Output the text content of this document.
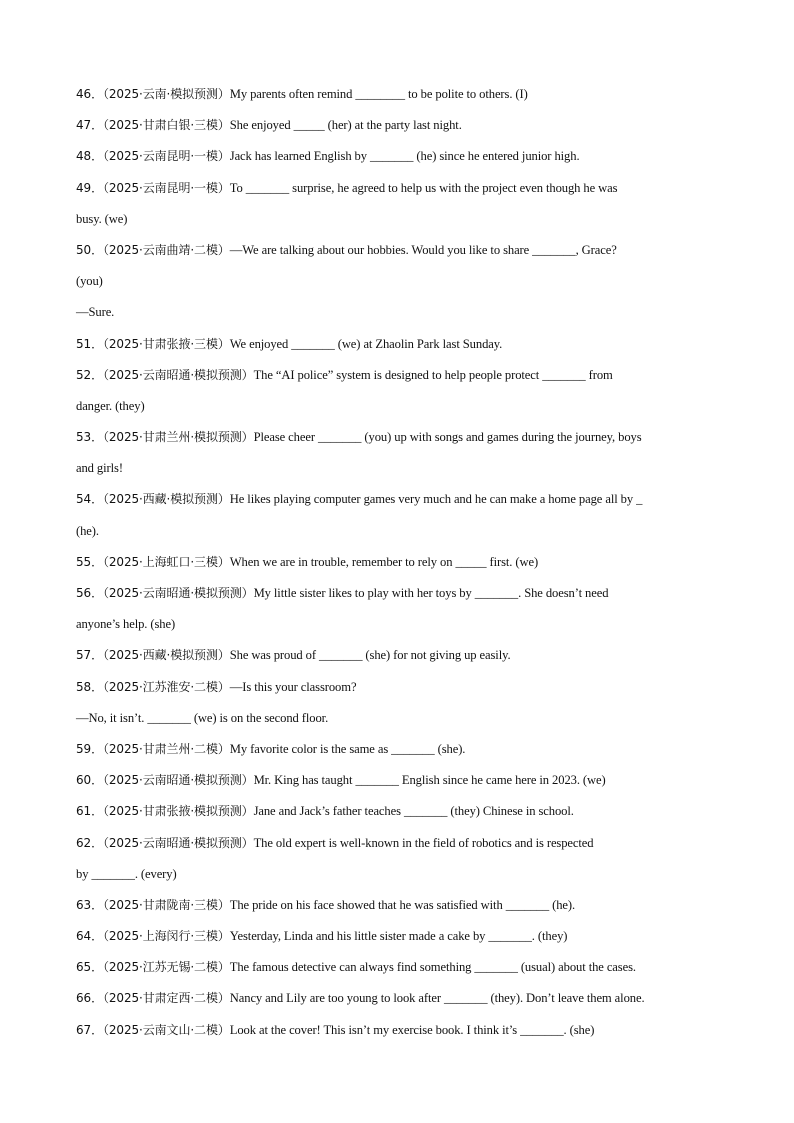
46．（2025·云南·模拟预测）My parents often remind ________ to be polite to others. (I)
47．（2025·甘肃白银·三模）She enjoyed _____ (her) at the party last night.
48．（2025·云南昆明·一模）Jack has learned English by _______ (he) since he entered junior high.
49．（2025·云南昆明·一模）To _______ surprise, he agreed to help us with the project even though he was
busy. (we)
50．（2025·云南曲靖·二模）—We are talking about our hobbies. Would you like to share _______, Grace?
(you)
—Sure.
51．（2025·甘肃张掖·三模）We enjoyed _______ (we) at Zhaolin Park last Sunday.
52．（2025·云南昭通·模拟预测）The “AI police” system is designed to help people protect _______ from
danger. (they)
53．（2025·甘肃兰州·模拟预测）Please cheer _______ (you) up with songs and games during the journey, boys
and girls!
54．（2025·西藏·模拟预测）He likes playing computer games very much and he can make a home page all by _
(he).
55．（2025·上海虹口·三模）When we are in trouble, remember to rely on _____ first. (we)
56．（2025·云南昭通·模拟预测）My little sister likes to play with her toys by _______. She doesn’t need
anyone’s help. (she)
57．（2025·西藏·模拟预测）She was proud of _______ (she) for not giving up easily.
58．（2025·江苏淮安·二模）—Is this your classroom?
—No, it isn’t. _______ (we) is on the second floor.
59．（2025·甘肃兰州·二模）My favorite color is the same as _______ (she).
60．（2025·云南昭通·模拟预测）Mr. King has taught _______ English since he came here in 2023. (we)
61．（2025·甘肃张掖·模拟预测）Jane and Jack’s father teaches _______ (they) Chinese in school.
62．（2025·云南昭通·模拟预测）The old expert is well-known in the field of robotics and is respected
by _______. (every)
63．（2025·甘肃陇南·三模）The pride on his face showed that he was satisfied with _______ (he).
64．（2025·上海闵行·三模）Yesterday, Linda and his little sister made a cake by _______. (they)
65．（2025·江苏无锡·二模）The famous detective can always find something _______ (usual) about the cases.
66．（2025·甘肃定西·二模）Nancy and Lily are too young to look after _______ (they). Don’t leave them alone.
67．（2025·云南文山·二模）Look at the cover! This isn’t my exercise book. I think it’s _______. (she)
